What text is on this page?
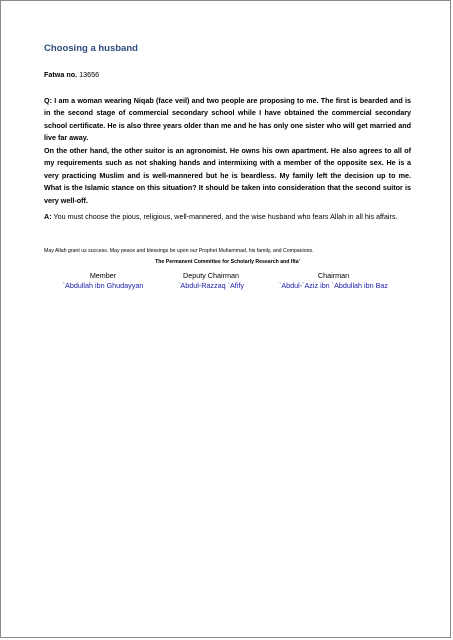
Choosing a husband
Fatwa no. 13656
Q: I am a woman wearing Niqab (face veil) and two people are proposing to me. The first is bearded and is in the second stage of commercial secondary school while I have obtained the commercial secondary school certificate. He is also three years older than me and he has only one sister who will get married and live far away.
On the other hand, the other suitor is an agronomist. He owns his own apartment. He also agrees to all of my requirements such as not shaking hands and intermixing with a member of the opposite sex. He is a very practicing Muslim and is well-mannered but he is beardless. My family left the decision up to me. What is the Islamic stance on this situation? It should be taken into consideration that the second suitor is very well-off.
A: You must choose the pious, religious, well-mannered, and the wise husband who fears Allah in all his affairs.
May Allah grant us success. May peace and blessings be upon our Prophet Muhammad, his family, and Companions.
The Permanent Committee for Scholarly Research and Ifta'
Member
`Abdullah ibn Ghudayyan
Deputy Chairman
`Abdul-Razzaq `Afify
Chairman
`Abdul-`Aziz ibn `Abdullah ibn Baz
